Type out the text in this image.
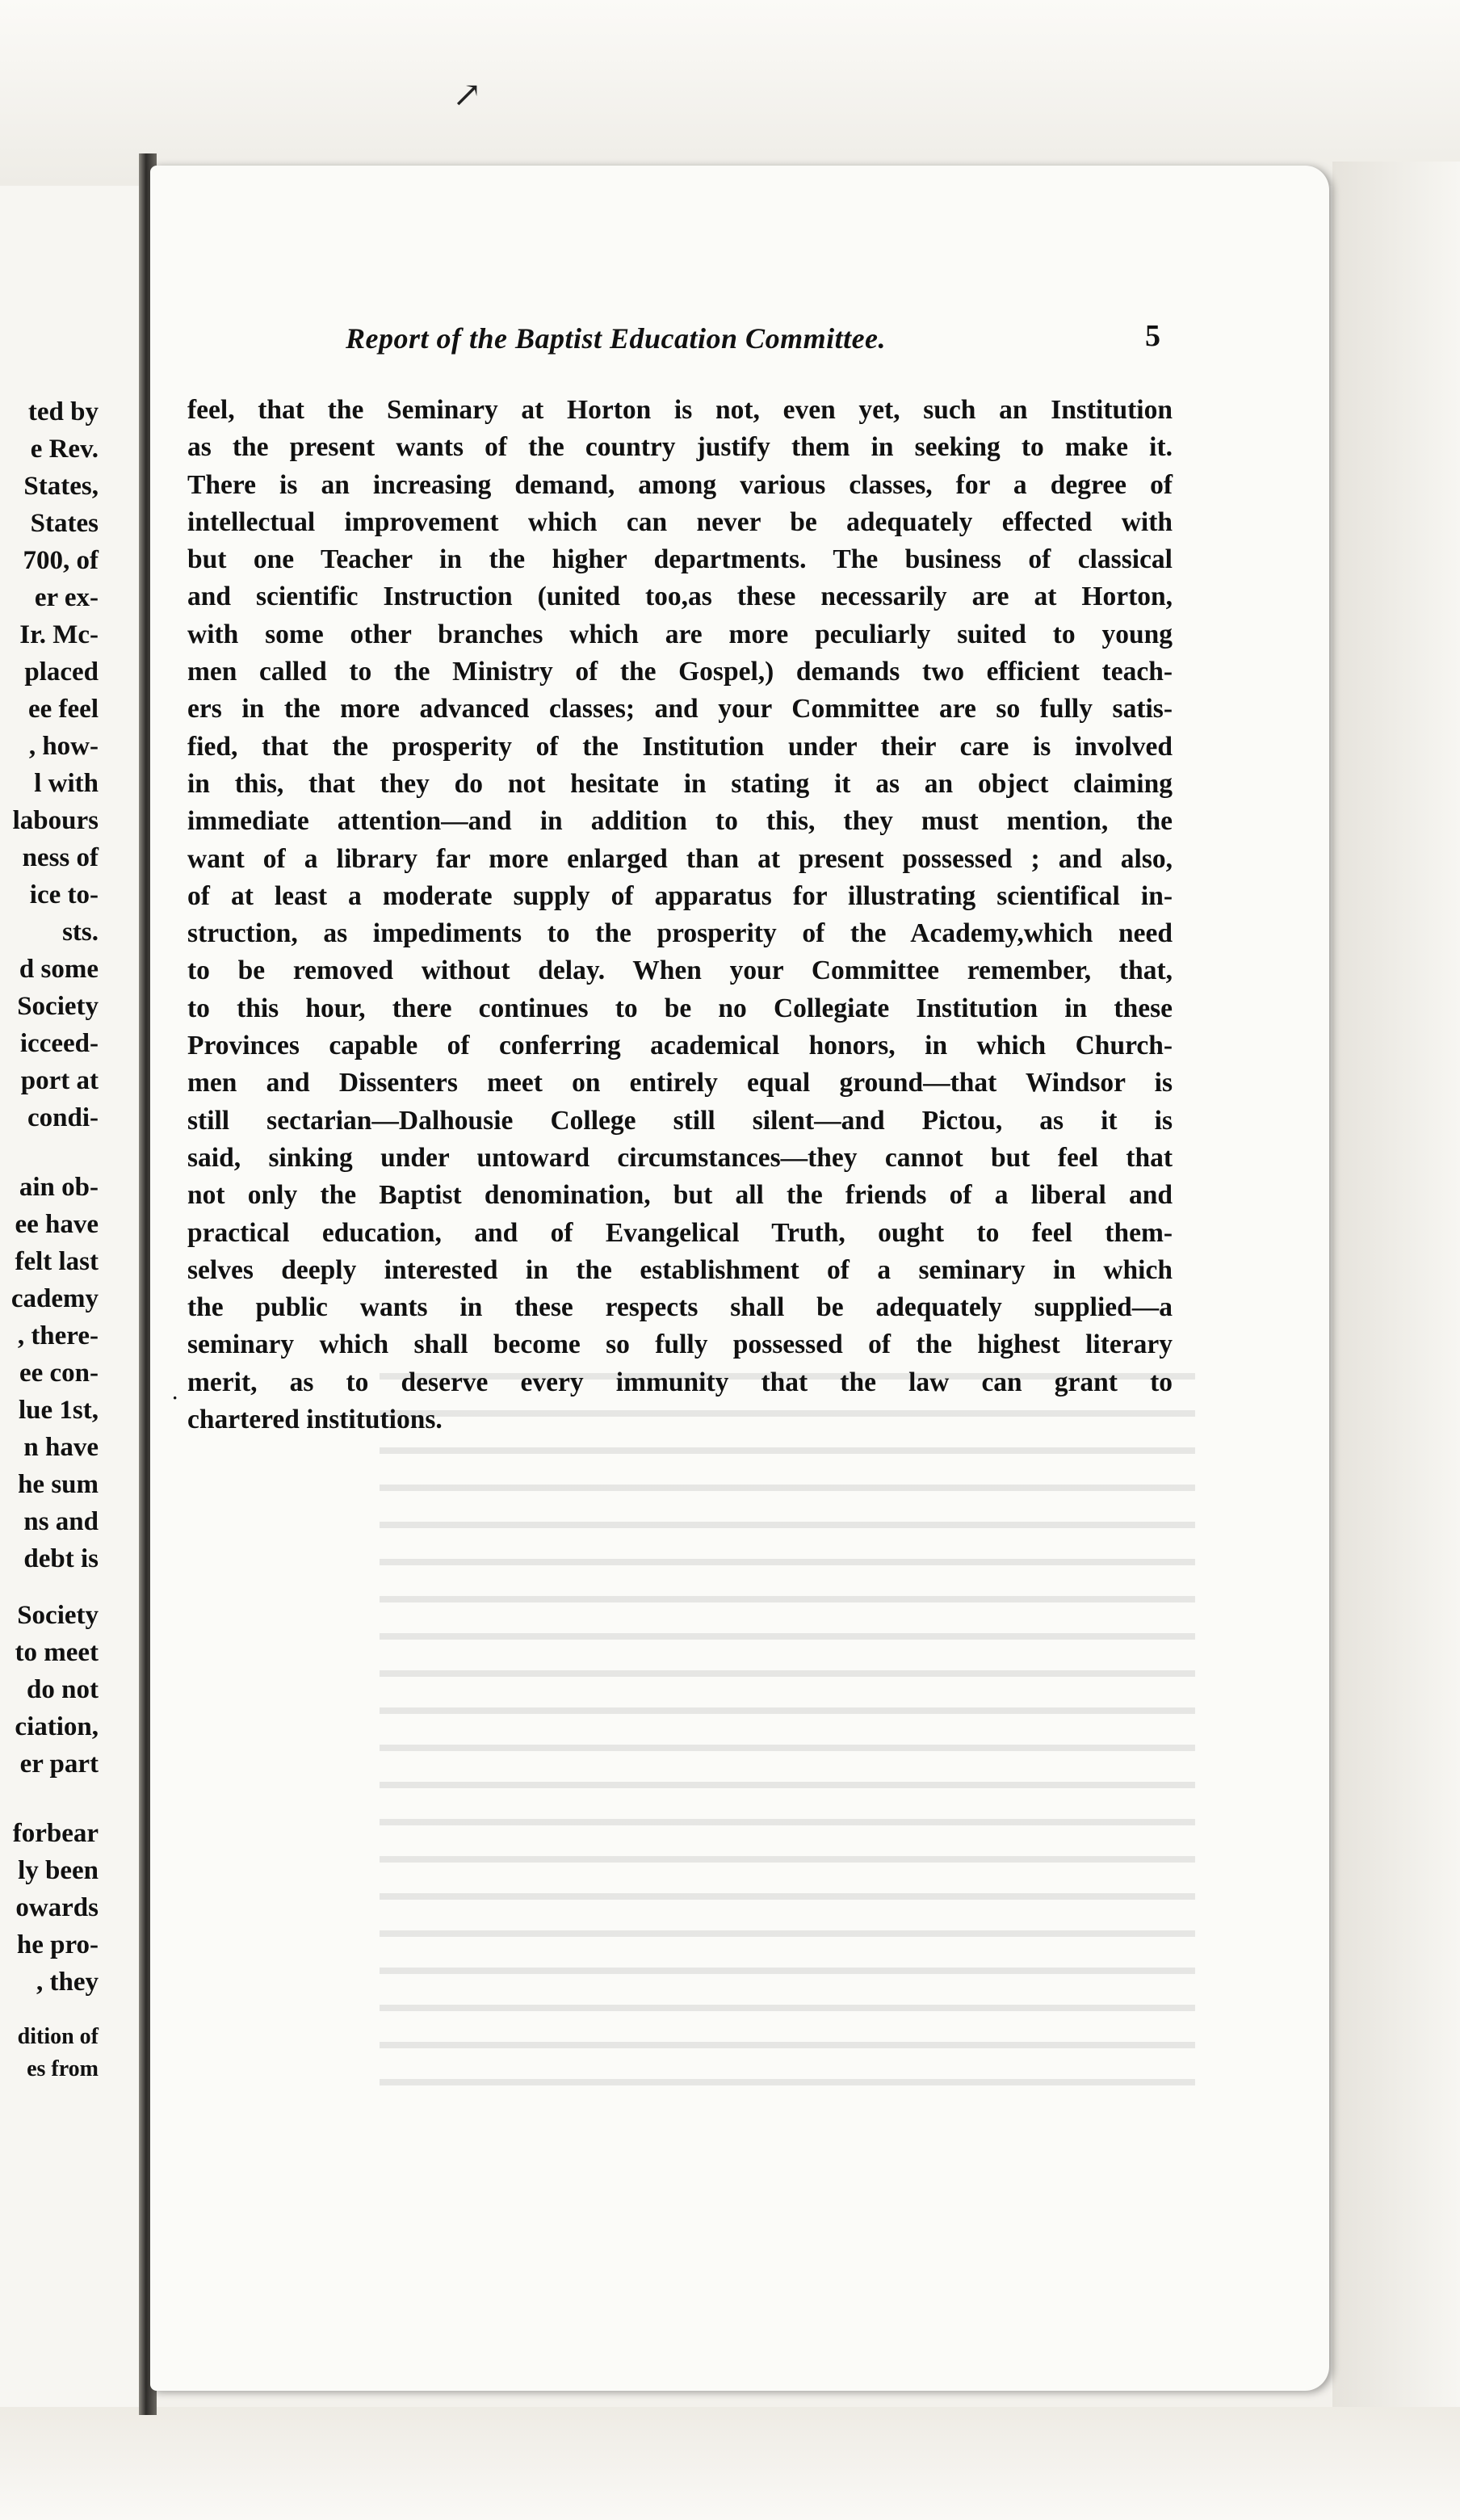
↗
ted by
e Rev.
States,
States
700, of
er ex-
Ir. Mc-
placed
ee feel
, how-
l with
labours
ness of
ice to-
sts.
d some
Society
icceed-
port at
condi-
ain ob-
ee have
felt last
cademy
, there-
ee con-
lue 1st,
n have
he sum
ns and
debt is
Society
to meet
do not
ciation,
er part
forbear
ly been
owards
he pro-
, they
dition of
es from
Report of the Baptist Education Committee.	5
·
feel, that the Seminary at Horton is not, even yet, such an Institution
as the present wants of the country justify them in seeking to make it.
There is an increasing demand, among various classes, for a degree of
intellectual improvement which can never be adequately effected with
but one Teacher in the higher departments. The business of classical
and scientific Instruction (united too,as these necessarily are at Horton,
with some other branches which are more peculiarly suited to young
men called to the Ministry of the Gospel,) demands two efficient teach-
ers in the more advanced classes; and your Committee are so fully satis-
fied, that the prosperity of the Institution under their care is involved
in this, that they do not hesitate in stating it as an object claiming
immediate attention—and in addition to this, they must mention, the
want of a library far more enlarged than at present possessed ; and also,
of at least a moderate supply of apparatus for illustrating scientifical in-
struction, as impediments to the prosperity of the Academy,which need
to be removed without delay. When your Committee remember, that,
to this hour, there continues to be no Collegiate Institution in these
Provinces capable of conferring academical honors, in which Church-
men and Dissenters meet on entirely equal ground—that Windsor is
still sectarian—Dalhousie College still silent—and Pictou, as it is
said, sinking under untoward circumstances—they cannot but feel that
not only the Baptist denomination, but all the friends of a liberal and
practical education, and of Evangelical Truth, ought to feel them-
selves deeply interested in the establishment of a seminary in which
the public wants in these respects shall be adequately supplied—a
seminary which shall become so fully possessed of the highest literary
merit, as to deserve every immunity that the law can grant to
chartered institutions.
